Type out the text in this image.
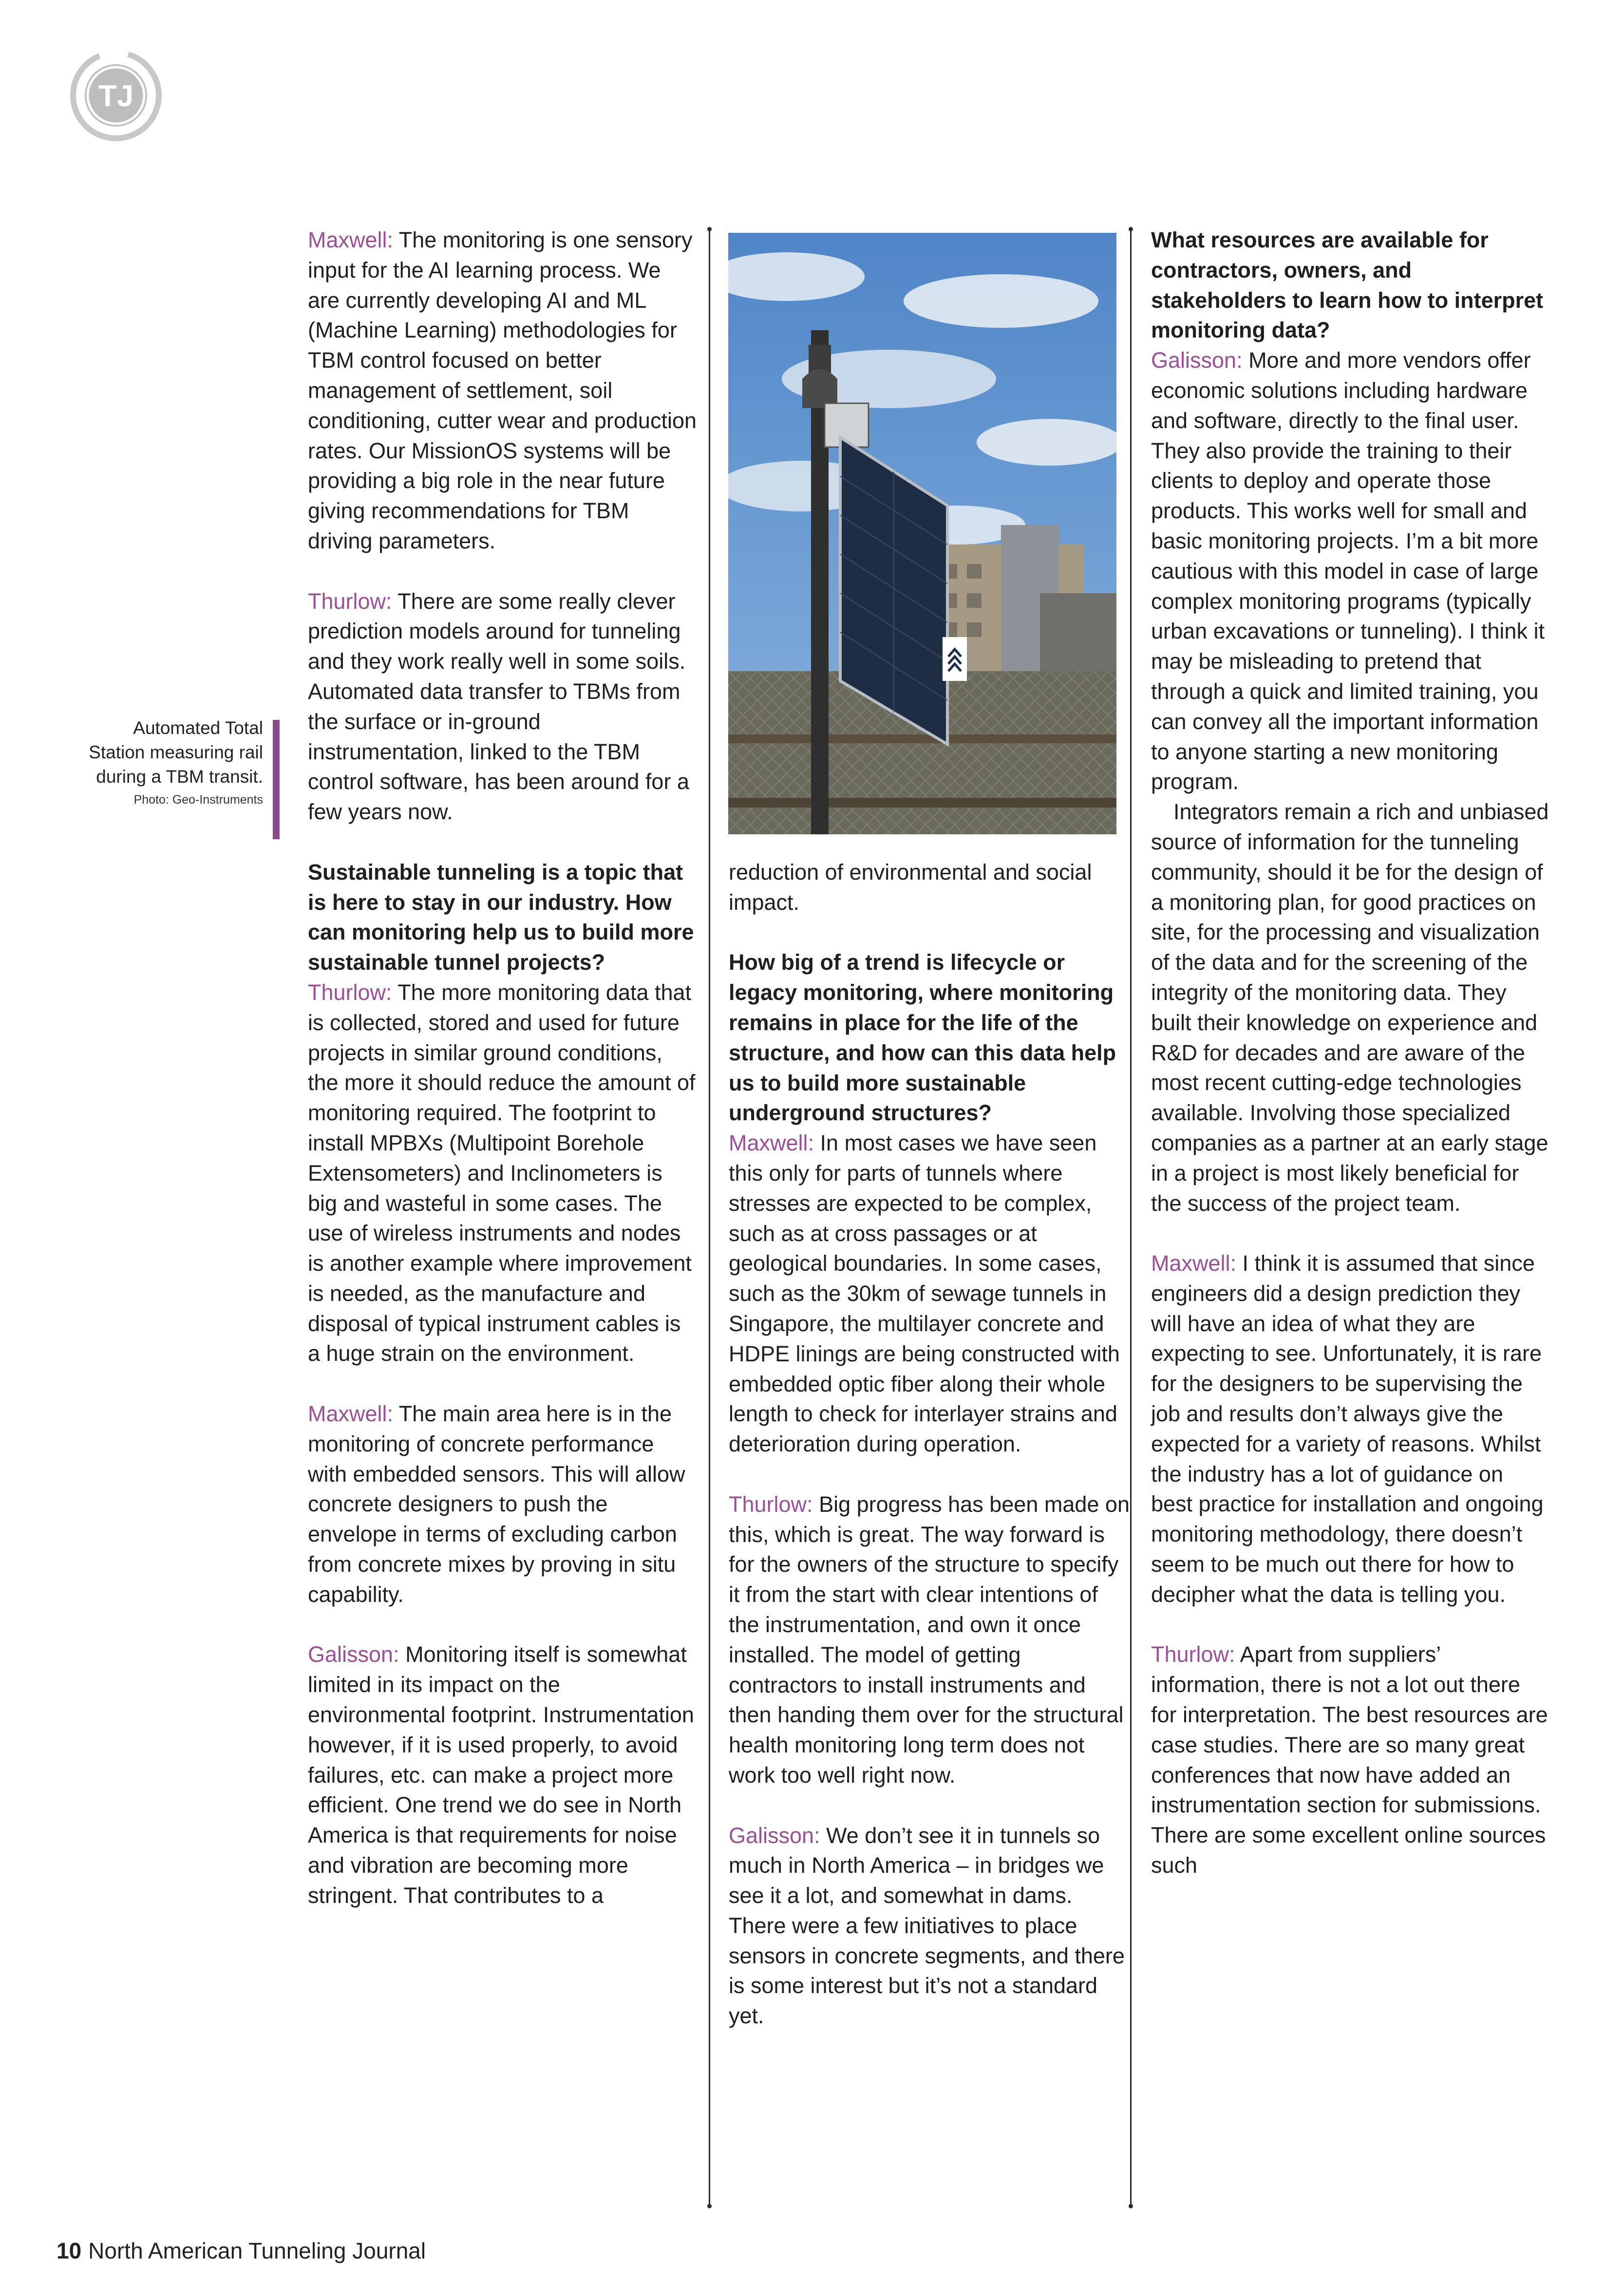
TJ
Automated Total Station measuring rail during a TBM transit.
Photo: Geo-Instruments

Maxwell: The monitoring is one sensory input for the AI learning process. We are currently developing AI and ML (Machine Learning) methodologies for TBM control focused on better management of settlement, soil conditioning, cutter wear and production rates. Our MissionOS systems will be providing a big role in the near future giving recommendations for TBM driving parameters.

Thurlow: There are some really clever prediction models around for tunneling and they work really well in some soils. Automated data transfer to TBMs from the surface or in-ground instrumentation, linked to the TBM control software, has been around for a few years now.

Sustainable tunneling is a topic that is here to stay in our industry. How can monitoring help us to build more sustainable tunnel projects?

Thurlow: The more monitoring data that is collected, stored and used for future projects in similar ground conditions, the more it should reduce the amount of monitoring required. The footprint to install MPBXs (Multipoint Borehole Extensometers) and Inclinometers is big and wasteful in some cases. The use of wireless instruments and nodes is another example where improvement is needed, as the manufacture and disposal of typical instrument cables is a huge strain on the environment.

Maxwell: The main area here is in the monitoring of concrete performance with embedded sensors. This will allow concrete designers to push the envelope in terms of excluding carbon from concrete mixes by proving in situ capability.

Galisson: Monitoring itself is somewhat limited in its impact on the environmental footprint. Instrumentation however, if it is used properly, to avoid failures, etc. can make a project more efficient. One trend we do see in North America is that requirements for noise and vibration are becoming more stringent. That contributes to a

reduction of environmental and social impact.

How big of a trend is lifecycle or legacy monitoring, where monitoring remains in place for the life of the structure, and how can this data help us to build more sustainable underground structures?

Maxwell: In most cases we have seen this only for parts of tunnels where stresses are expected to be complex, such as at cross passages or at geological boundaries. In some cases, such as the 30km of sewage tunnels in Singapore, the multilayer concrete and HDPE linings are being constructed with embedded optic fiber along their whole length to check for interlayer strains and deterioration during operation.

Thurlow: Big progress has been made on this, which is great. The way forward is for the owners of the structure to specify it from the start with clear intentions of the instrumentation, and own it once installed. The model of getting contractors to install instruments and then handing them over for the structural health monitoring long term does not work too well right now.

Galisson: We don’t see it in tunnels so much in North America – in bridges we see it a lot, and somewhat in dams. There were a few initiatives to place sensors in concrete segments, and there is some interest but it’s not a standard yet.

What resources are available for contractors, owners, and stakeholders to learn how to interpret monitoring data?

Galisson: More and more vendors offer economic solutions including hardware and software, directly to the final user. They also provide the training to their clients to deploy and operate those products. This works well for small and basic monitoring projects. I’m a bit more cautious with this model in case of large complex monitoring programs (typically urban excavations or tunneling). I think it may be misleading to pretend that through a quick and limited training, you can convey all the important information to anyone starting a new monitoring program.

Integrators remain a rich and unbiased source of information for the tunneling community, should it be for the design of a monitoring plan, for good practices on site, for the processing and visualization of the data and for the screening of the integrity of the monitoring data. They built their knowledge on experience and R&D for decades and are aware of the most recent cutting-edge technologies available. Involving those specialized companies as a partner at an early stage in a project is most likely beneficial for the success of the project team.

Maxwell: I think it is assumed that since engineers did a design prediction they will have an idea of what they are expecting to see. Unfortunately, it is rare for the designers to be supervising the job and results don’t always give the expected for a variety of reasons. Whilst the industry has a lot of guidance on best practice for installation and ongoing monitoring methodology, there doesn’t seem to be much out there for how to decipher what the data is telling you.

Thurlow: Apart from suppliers’ information, there is not a lot out there for interpretation. The best resources are case studies. There are so many great conferences that now have added an instrumentation section for submissions. There are some excellent online sources such

10 North American Tunneling Journal
